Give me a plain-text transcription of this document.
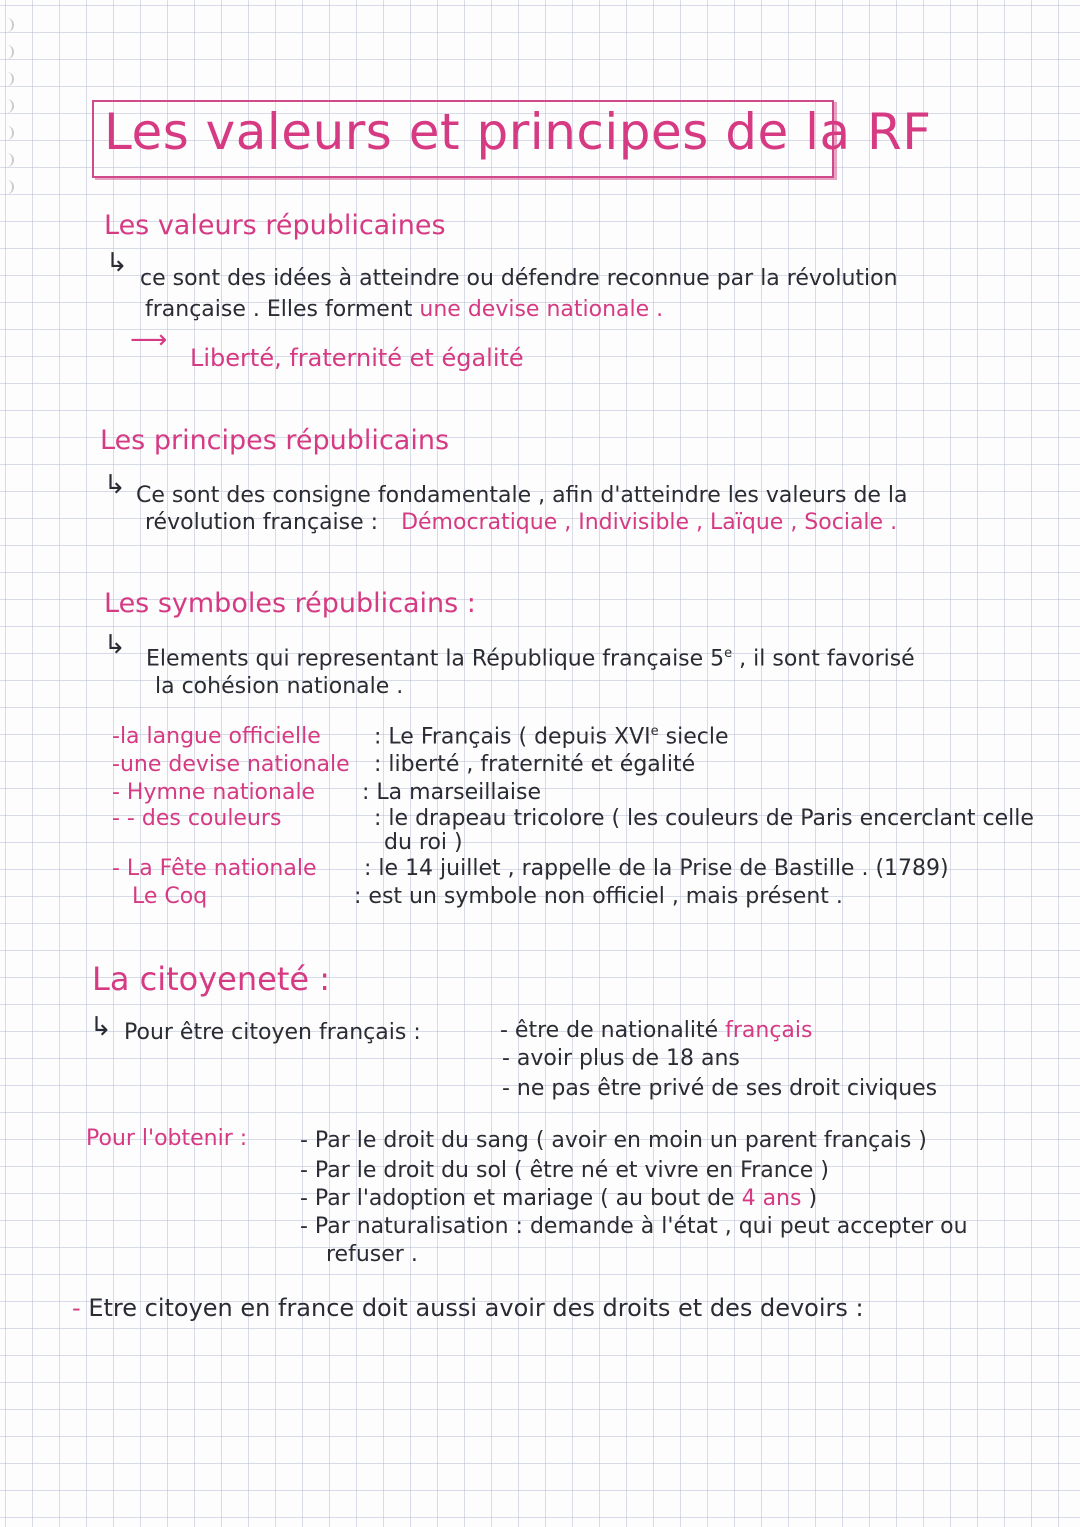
Les valeurs et principes de la RF
Les valeurs républicaines
↳
ce sont des idées à atteindre ou défendre reconnue par la révolution
française . Elles forment une devise nationale .
⟶
Liberté, fraternité et égalité
Les principes républicains
↳ Ce sont des consigne fondamentale , afin d'atteindre les valeurs de la
révolution française : Démocratique , Indivisible , Laïque , Sociale .
Les symboles républicains :
↳ Elements qui representant la République française 5e , il sont favorisé
la cohésion nationale .
-la langue officielle : Le Français ( depuis XVIe siecle
-une devise nationale : liberté , fraternité et égalité
- Hymne nationale : La marseillaise
- - des couleurs	: le drapeau tricolore ( les couleurs de Paris encerclant celle
du roi )
- La Fête nationale : le 14 juillet , rappelle de la Prise de Bastille . (1789)
Le Coq	: est un symbole non officiel , mais présent .
La citoyeneté :
↳ Pour être citoyen français :	- être de nationalité français
- avoir plus de 18 ans
- ne pas être privé de ses droit civiques
Pour l'obtenir : - Par le droit du sang ( avoir en moin un parent français )
- Par le droit du sol ( être né et vivre en France )
- Par l'adoption et mariage ( au bout de 4 ans )
- Par naturalisation : demande à l'état , qui peut accepter ou
refuser .
- Etre citoyen en france doit aussi avoir des droits et des devoirs :
